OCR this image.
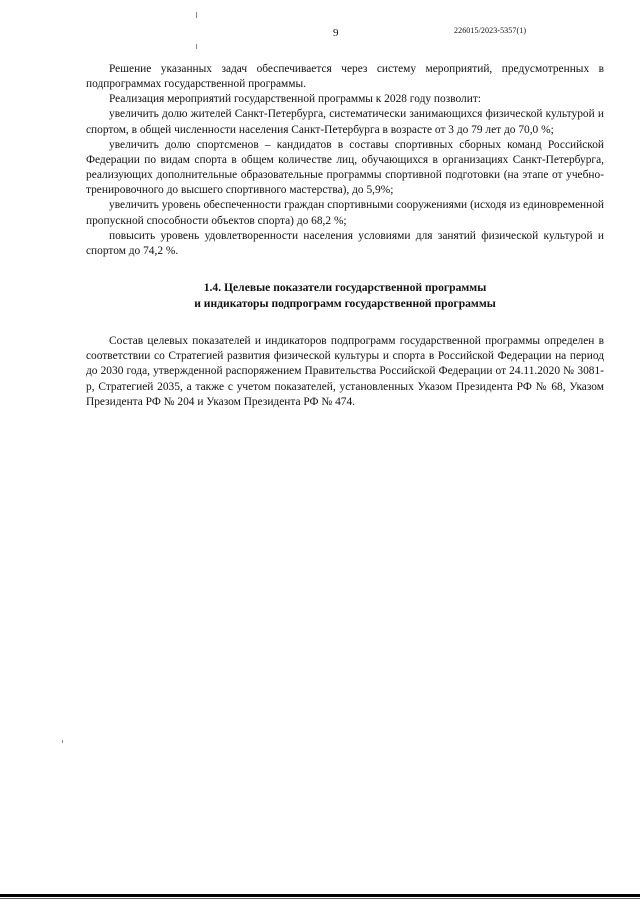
9	226015/2023-5357(1)

Решение указанных задач обеспечивается через систему мероприятий, предусмотренных в подпрограммах государственной программы.

Реализация мероприятий государственной программы к 2028 году позволит:

увеличить долю жителей Санкт-Петербурга, систематически занимающихся физической культурой и спортом, в общей численности населения Санкт-Петербурга в возрасте от 3 до 79 лет до 70,0 %;

увеличить долю спортсменов – кандидатов в составы спортивных сборных команд Российской Федерации по видам спорта в общем количестве лиц, обучающихся в организациях Санкт-Петербурга, реализующих дополнительные образовательные программы спортивной подготовки (на этапе от учебно-тренировочного до высшего спортивного мастерства), до 5,9%;

увеличить уровень обеспеченности граждан спортивными сооружениями (исходя из единовременной пропускной способности объектов спорта) до 68,2 %;

повысить уровень удовлетворенности населения условиями для занятий физической культурой и спортом до 74,2 %.

1.4. Целевые показатели государственной программы
и индикаторы подпрограмм государственной программы

Состав целевых показателей и индикаторов подпрограмм государственной программы определен в соответствии со Стратегией развития физической культуры и спорта в Российской Федерации на период до 2030 года, утвержденной распоряжением Правительства Российской Федерации от 24.11.2020 № 3081-р, Стратегией 2035, а также с учетом показателей, установленных Указом Президента РФ № 68, Указом Президента РФ № 204 и Указом Президента РФ № 474.
